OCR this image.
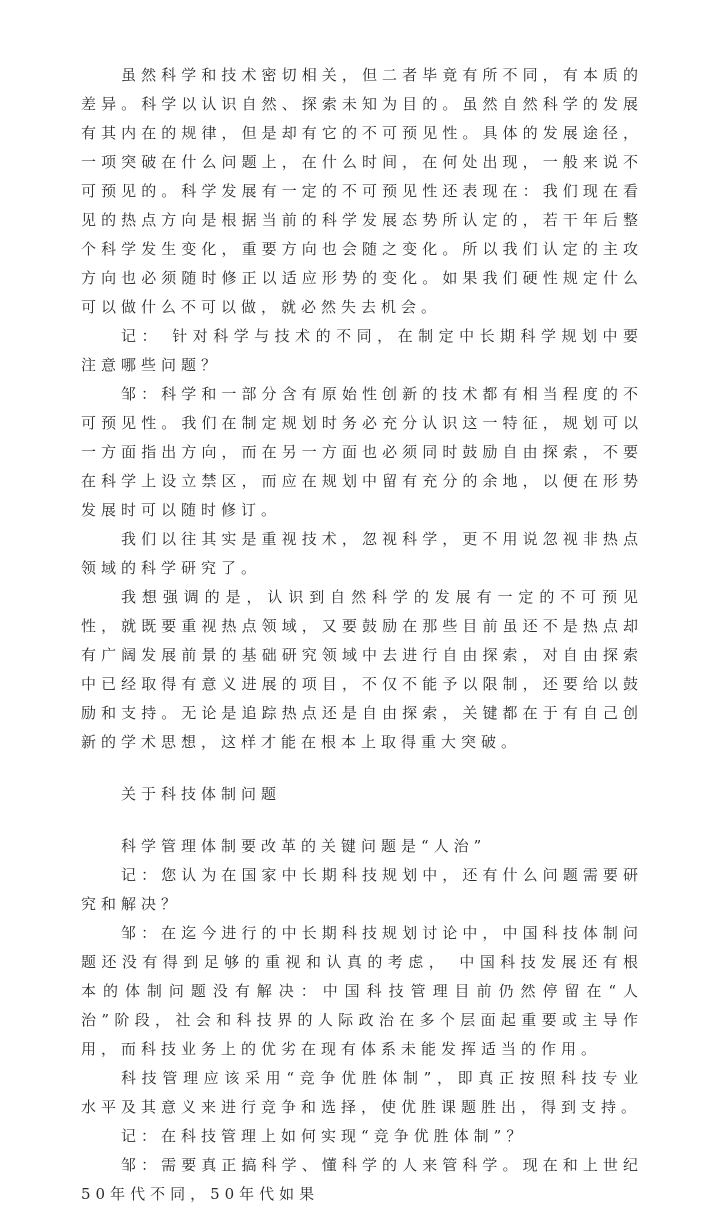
虽然科学和技术密切相关，但二者毕竟有所不同，有本质的差异。科学以认识自然、探索未知为目的。虽然自然科学的发展有其内在的规律，但是却有它的不可预见性。具体的发展途径，一项突破在什么问题上，在什么时间，在何处出现，一般来说不可预见的。科学发展有一定的不可预见性还表现在：我们现在看见的热点方向是根据当前的科学发展态势所认定的，若干年后整个科学发生变化，重要方向也会随之变化。所以我们认定的主攻方向也必须随时修正以适应形势的变化。如果我们硬性规定什么可以做什么不可以做，就必然失去机会。

记： 针对科学与技术的不同，在制定中长期科学规划中要注意哪些问题？

邹：科学和一部分含有原始性创新的技术都有相当程度的不可预见性。我们在制定规划时务必充分认识这一特征，规划可以一方面指出方向，而在另一方面也必须同时鼓励自由探索，不要在科学上设立禁区，而应在规划中留有充分的余地，以便在形势发展时可以随时修订。

我们以往其实是重视技术，忽视科学，更不用说忽视非热点领域的科学研究了。

我想强调的是，认识到自然科学的发展有一定的不可预见性，就既要重视热点领域，又要鼓励在那些目前虽还不是热点却有广阔发展前景的基础研究领域中去进行自由探索，对自由探索中已经取得有意义进展的项目，不仅不能予以限制，还要给以鼓励和支持。无论是追踪热点还是自由探索，关键都在于有自己创新的学术思想，这样才能在根本上取得重大突破。

关于科技体制问题

科学管理体制要改革的关键问题是“人治”

记：您认为在国家中长期科技规划中，还有什么问题需要研究和解决？

邹：在迄今进行的中长期科技规划讨论中，中国科技体制问题还没有得到足够的重视和认真的考虑， 中国科技发展还有根本的体制问题没有解决：中国科技管理目前仍然停留在“人治”阶段，社会和科技界的人际政治在多个层面起重要或主导作用，而科技业务上的优劣在现有体系未能发挥适当的作用。

科技管理应该采用“竞争优胜体制”，即真正按照科技专业水平及其意义来进行竞争和选择，使优胜课题胜出，得到支持。

记：在科技管理上如何实现“竞争优胜体制”？

邹：需要真正搞科学、懂科学的人来管科学。现在和上世纪50年代不同，50年代如果
